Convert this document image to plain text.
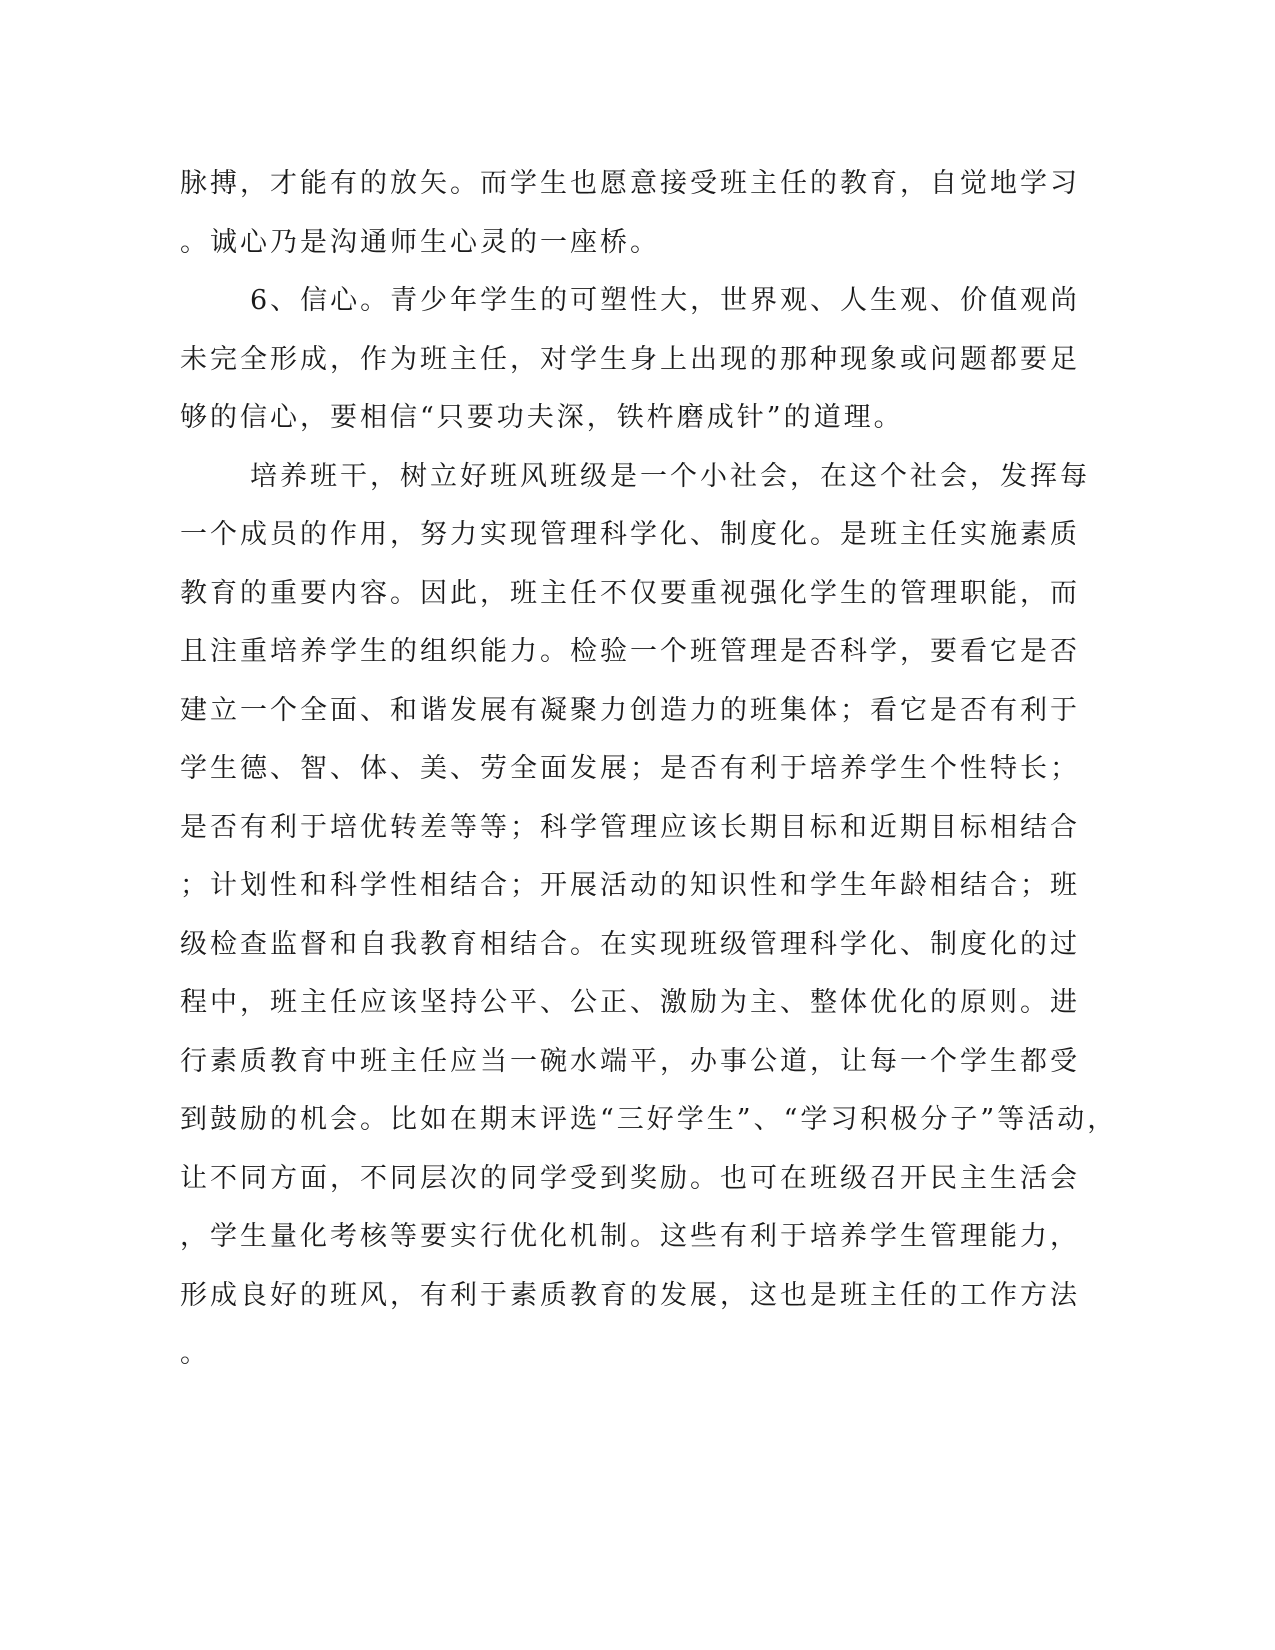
脉搏，才能有的放矢。而学生也愿意接受班主任的教育，自觉地学习
。诚心乃是沟通师生心灵的一座桥。
6、信心。青少年学生的可塑性大，世界观、人生观、价值观尚
未完全形成，作为班主任，对学生身上出现的那种现象或问题都要足
够的信心，要相信“只要功夫深，铁杵磨成针”的道理。
培养班干，树立好班风班级是一个小社会，在这个社会，发挥每
一个成员的作用，努力实现管理科学化、制度化。是班主任实施素质
教育的重要内容。因此，班主任不仅要重视强化学生的管理职能，而
且注重培养学生的组织能力。检验一个班管理是否科学，要看它是否
建立一个全面、和谐发展有凝聚力创造力的班集体；看它是否有利于
学生德、智、体、美、劳全面发展；是否有利于培养学生个性特长；
是否有利于培优转差等等；科学管理应该长期目标和近期目标相结合
；计划性和科学性相结合；开展活动的知识性和学生年龄相结合；班
级检查监督和自我教育相结合。在实现班级管理科学化、制度化的过
程中，班主任应该坚持公平、公正、激励为主、整体优化的原则。进
行素质教育中班主任应当一碗水端平，办事公道，让每一个学生都受
到鼓励的机会。比如在期末评选“三好学生”、“学习积极分子”等活动，
让不同方面，不同层次的同学受到奖励。也可在班级召开民主生活会
，学生量化考核等要实行优化机制。这些有利于培养学生管理能力，
形成良好的班风，有利于素质教育的发展，这也是班主任的工作方法
。
